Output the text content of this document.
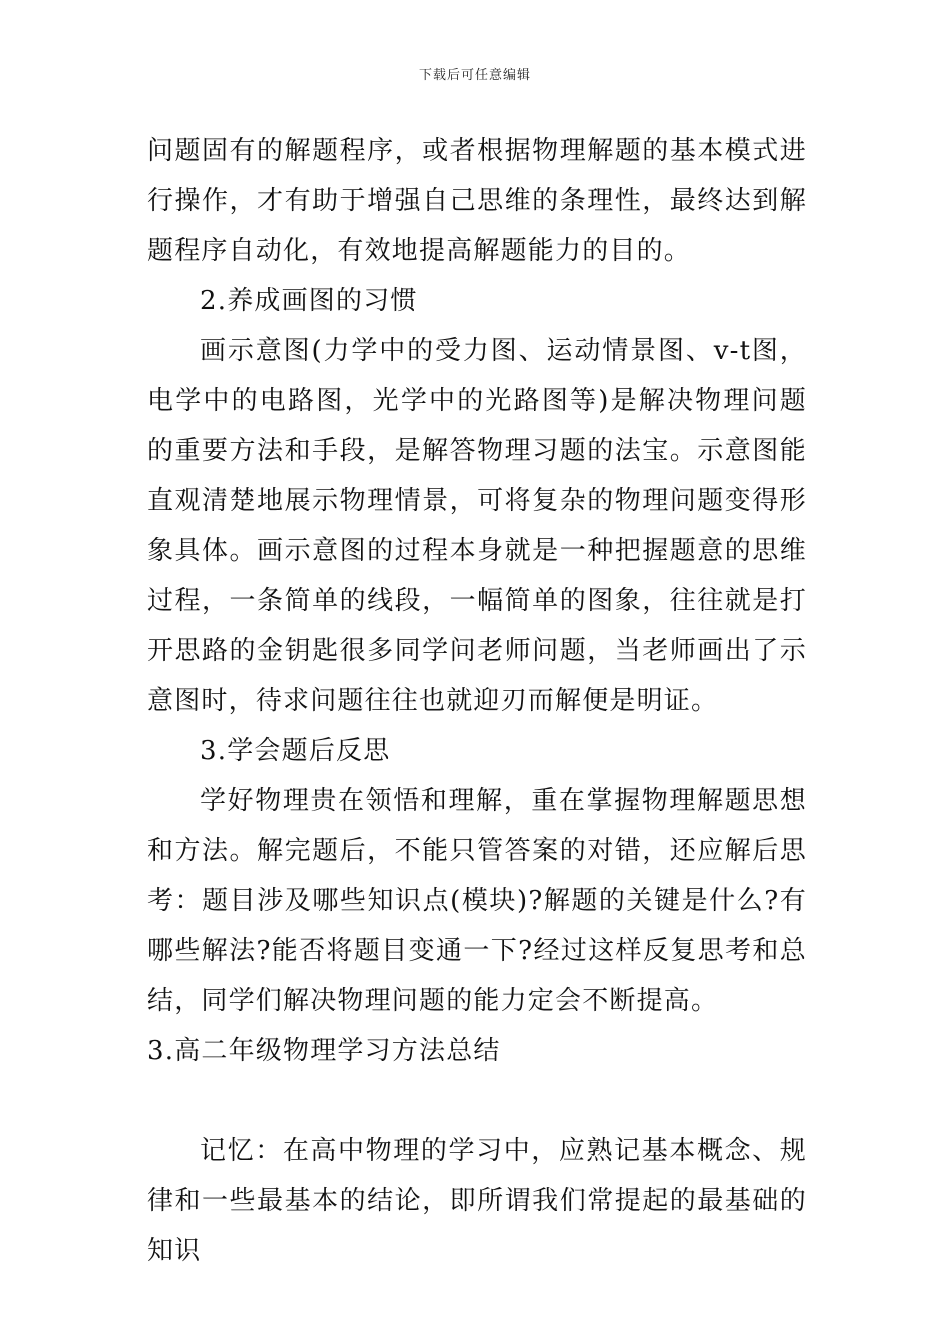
下载后可任意编辑

问题固有的解题程序，或者根据物理解题的基本模式进行操作，才有助于增强自己思维的条理性，最终达到解题程序自动化，有效地提高解题能力的目的。

2.养成画图的习惯

画示意图(力学中的受力图、运动情景图、v-t图，电学中的电路图，光学中的光路图等)是解决物理问题的重要方法和手段，是解答物理习题的法宝。示意图能直观清楚地展示物理情景，可将复杂的物理问题变得形象具体。画示意图的过程本身就是一种把握题意的思维过程，一条简单的线段，一幅简单的图象，往往就是打开思路的金钥匙很多同学问老师问题，当老师画出了示意图时，待求问题往往也就迎刃而解便是明证。

3.学会题后反思

学好物理贵在领悟和理解，重在掌握物理解题思想和方法。解完题后，不能只管答案的对错，还应解后思考：题目涉及哪些知识点(模块)?解题的关键是什么?有哪些解法?能否将题目变通一下?经过这样反复思考和总结，同学们解决物理问题的能力定会不断提高。

3.高二年级物理学习方法总结

记忆：在高中物理的学习中，应熟记基本概念、规律和一些最基本的结论，即所谓我们常提起的最基础的知识
